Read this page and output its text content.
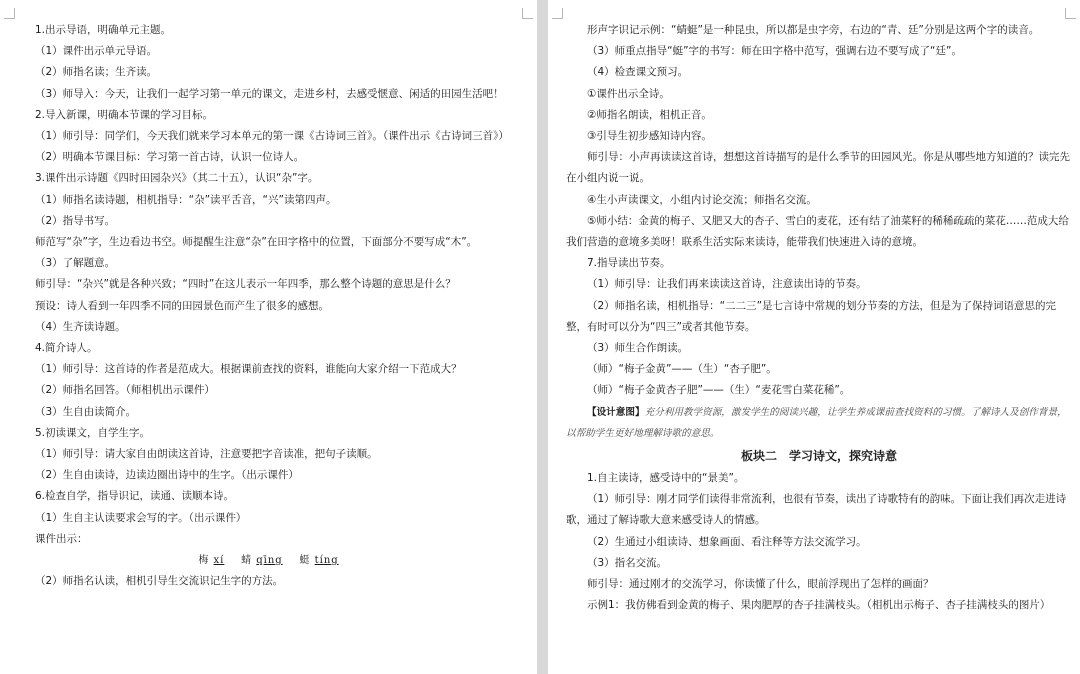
1.出示导语，明确单元主题。

（1）课件出示单元导语。

（2）师指名读；生齐读。

（3）师导入：今天，让我们一起学习第一单元的课文，走进乡村，去感受惬意、闲适的田园生活吧！

2.导入新课，明确本节课的学习目标。

（1）师引导：同学们，今天我们就来学习本单元的第一课《古诗词三首》。（课件出示《古诗词三首》）

（2）明确本节课目标：学习第一首古诗，认识一位诗人。

3.课件出示诗题《四时田园杂兴》（其二十五），认识“杂”字。

（1）师指名读诗题，相机指导：“杂”读平舌音，“兴”读第四声。

（2）指导书写。

师范写“杂”字，生边看边书空。师提醒生注意“杂”在田字格中的位置，下面部分不要写成“木”。

（3）了解题意。

师引导：“杂兴”就是各种兴致；“四时”在这儿表示一年四季，那么整个诗题的意思是什么？

预设：诗人看到一年四季不同的田园景色而产生了很多的感想。

（4）生齐读诗题。

4.简介诗人。

（1）师引导：这首诗的作者是范成大。根据课前查找的资料，谁能向大家介绍一下范成大？

（2）师指名回答。（师相机出示课件）

（3）生自由读简介。

5.初读课文，自学生字。

（1）师引导：请大家自由朗读这首诗，注意要把字音读准，把句子读顺。

（2）生自由读诗，边读边圈出诗中的生字。（出示课件）

6.检查自学，指导识记，读通、读顺本诗。

（1）生自主认读要求会写的字。（出示课件）

课件出示：

梅 xí 蜻 qīng 蜓 tíng

（2）师指名认读，相机引导生交流识记生字的方法。

形声字识记示例：“蜻蜓”是一种昆虫，所以都是虫字旁，右边的“青、廷”分别是这两个字的读音。

（3）师重点指导“蜓”字的书写：师在田字格中范写，强调右边不要写成了“廷”。

（4）检查课文预习。

①课件出示全诗。

②师指名朗读，相机正音。

③引导生初步感知诗内容。

师引导：小声再读读这首诗，想想这首诗描写的是什么季节的田园风光。你是从哪些地方知道的？读完先在小组内说一说。

④生小声读课文，小组内讨论交流；师指名交流。

⑤师小结：金黄的梅子、又肥又大的杏子、雪白的麦花，还有结了油菜籽的稀稀疏疏的菜花……范成大给我们营造的意境多美呀！联系生活实际来读诗，能带我们快速进入诗的意境。

7.指导读出节奏。

（1）师引导：让我们再来读读这首诗，注意读出诗的节奏。

（2）师指名读，相机指导：“二二三”是七言诗中常规的划分节奏的方法，但是为了保持词语意思的完整，有时可以分为“四三”或者其他节奏。

（3）师生合作朗读。

（师）“梅子金黄”——（生）“杏子肥”。

（师）“梅子金黄杏子肥”——（生）“麦花雪白菜花稀”。

【设计意图】充分利用教学资源，激发学生的阅读兴趣，让学生养成课前查找资料的习惯。了解诗人及创作背景，以帮助学生更好地理解诗歌的意思。

板块二　学习诗文，探究诗意

1.自主读诗，感受诗中的“景美”。

（1）师引导：刚才同学们读得非常流利，也很有节奏，读出了诗歌特有的韵味。下面让我们再次走进诗歌，通过了解诗歌大意来感受诗人的情感。

（2）生通过小组读诗、想象画面、看注释等方法交流学习。

（3）指名交流。

师引导：通过刚才的交流学习，你读懂了什么，眼前浮现出了怎样的画面？

示例1：我仿佛看到金黄的梅子、果肉肥厚的杏子挂满枝头。（相机出示梅子、杏子挂满枝头的图片）
